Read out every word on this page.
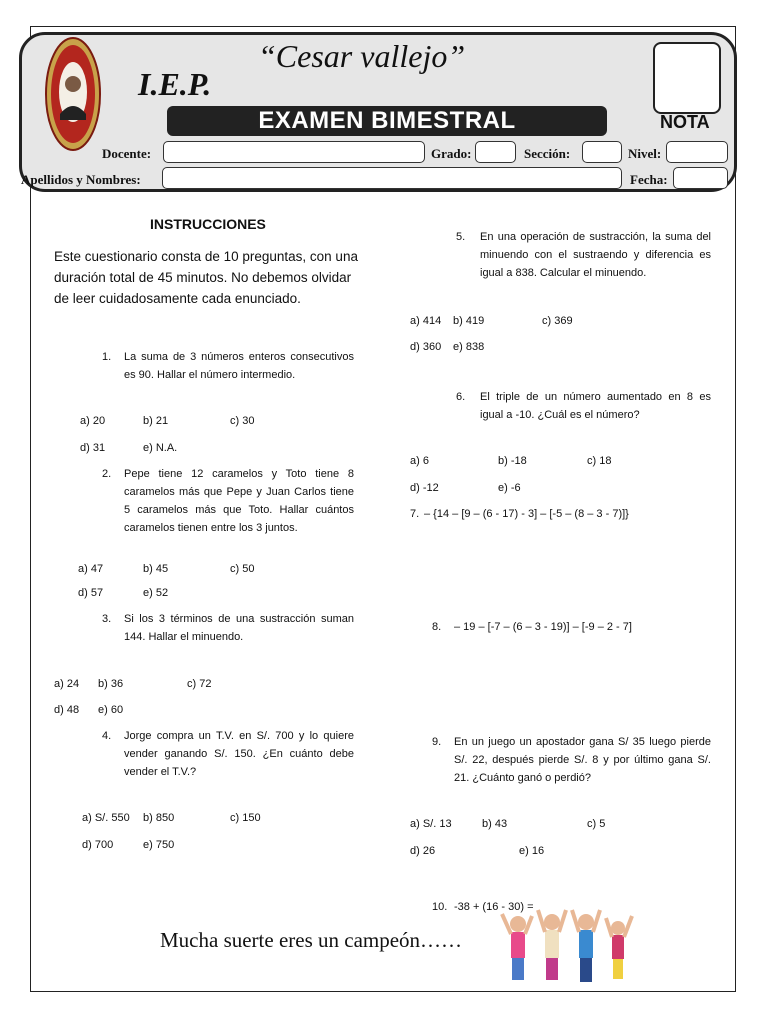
I.E.P.
“Cesar vallejo”
EXAMEN BIMESTRAL	NOTA
Docente:	Grado:	Sección:	Nivel:
Apellidos y Nombres:	Fecha:
INSTRUCCIONES
Este cuestionario consta de 10 preguntas, con una duración total de 45 minutos. No debemos olvidar de leer cuidadosamente cada enunciado.
1. La suma de 3 números enteros consecutivos es 90. Hallar el número intermedio.
a) 20	b) 21	c) 30
d) 31	e) N.A.
2. Pepe tiene 12 caramelos y Toto tiene 8 caramelos más que Pepe y Juan Carlos tiene 5 caramelos más que Toto. Hallar cuántos caramelos tienen entre los 3 juntos.
a) 47	b) 45	c) 50
d) 57	e) 52
3. Si los 3 términos de una sustracción suman 144. Hallar el minuendo.
a) 24 b) 36	c) 72
d) 48 e) 60
4. Jorge compra un T.V. en S/. 700 y lo quiere vender ganando S/. 150. ¿En cuánto debe vender el T.V.?
a) S/. 550 b) 850	c) 150
d) 700	e) 750
5. En una operación de sustracción, la suma del minuendo con el sustraendo y diferencia es igual a 838. Calcular el minuendo.
a) 414 b) 419	c) 369
d) 360 e) 838
6. El triple de un número aumentado en 8 es igual a -10. ¿Cuál es el número?
a) 6	b) -18	c) 18
d) -12	e) -6
7. – {14 – [9 – (6 - 17) - 3] – [-5 – (8 – 3 - 7)]}
8. – 19 – [-7 – (6 – 3 - 19)] – [-9 – 2 - 7]
9. En un juego un apostador gana S/ 35 luego pierde S/. 22, después pierde S/. 8 y por último gana S/. 21. ¿Cuánto ganó o perdió?
a) S/. 13	b) 43	c) 5
d) 26	e) 16
10. -38 + (16 - 30) =
Mucha suerte eres un campeón……
